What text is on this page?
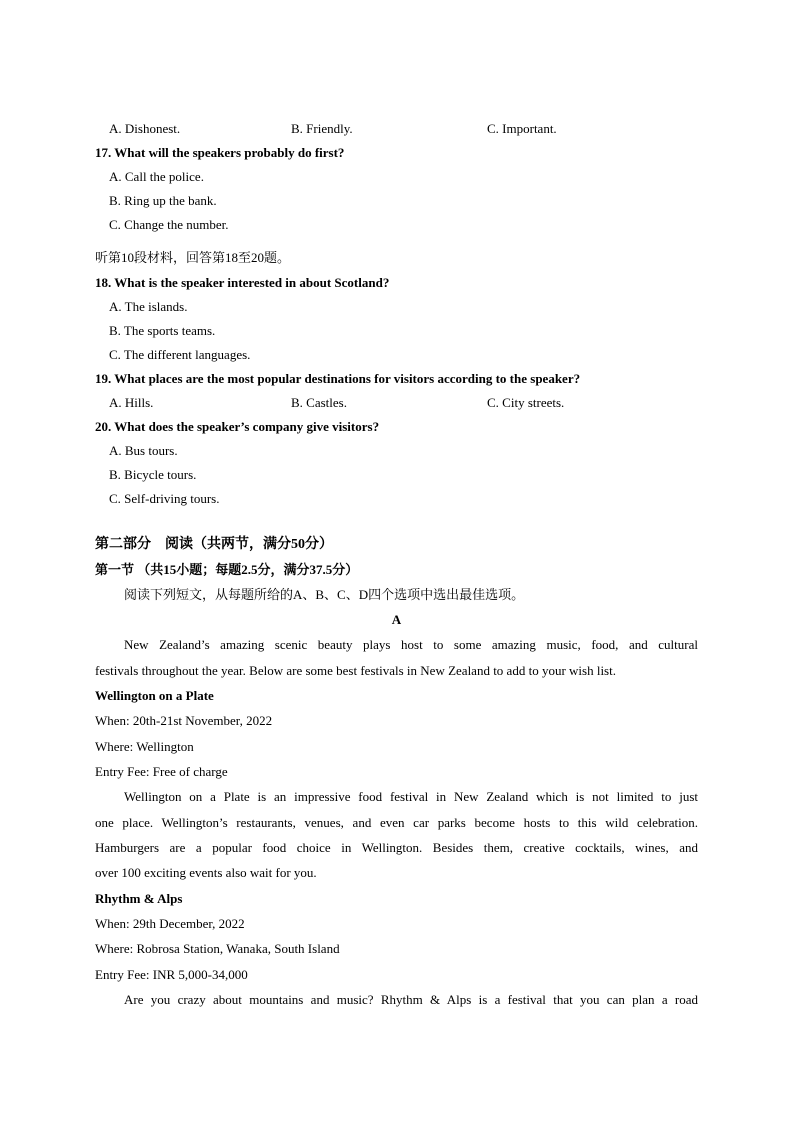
A. Dishonest.	B. Friendly.	C. Important.
17. What will the speakers probably do first?
A. Call the police.
B. Ring up the bank.
C. Change the number.
听第10段材料，回答第18至20题。
18. What is the speaker interested in about Scotland?
A. The islands.
B. The sports teams.
C. The different languages.
19. What places are the most popular destinations for visitors according to the speaker?
A. Hills.	B. Castles.	C. City streets.
20. What does the speaker’s company give visitors?
A. Bus tours.
B. Bicycle tours.
C. Self-driving tours.
第二部分　阅读（共两节，满分50分）
第一节 （共15小题；每题2.5分，满分37.5分）
阅读下列短文，从每题所给的A、B、C、D四个选项中选出最佳选项。
A
New Zealand’s amazing scenic beauty plays host to some amazing music, food, and cultural
festivals throughout the year. Below are some best festivals in New Zealand to add to your wish list.
Wellington on a Plate
When: 20th-21st November, 2022
Where: Wellington
Entry Fee: Free of charge
Wellington on a Plate is an impressive food festival in New Zealand which is not limited to just
one place. Wellington’s restaurants, venues, and even car parks become hosts to this wild celebration.
Hamburgers are a popular food choice in Wellington. Besides them, creative cocktails, wines, and
over 100 exciting events also wait for you.
Rhythm & Alps
When: 29th December, 2022
Where: Robrosa Station, Wanaka, South Island
Entry Fee: INR 5,000-34,000
Are you crazy about mountains and music? Rhythm & Alps is a festival that you can plan a road
